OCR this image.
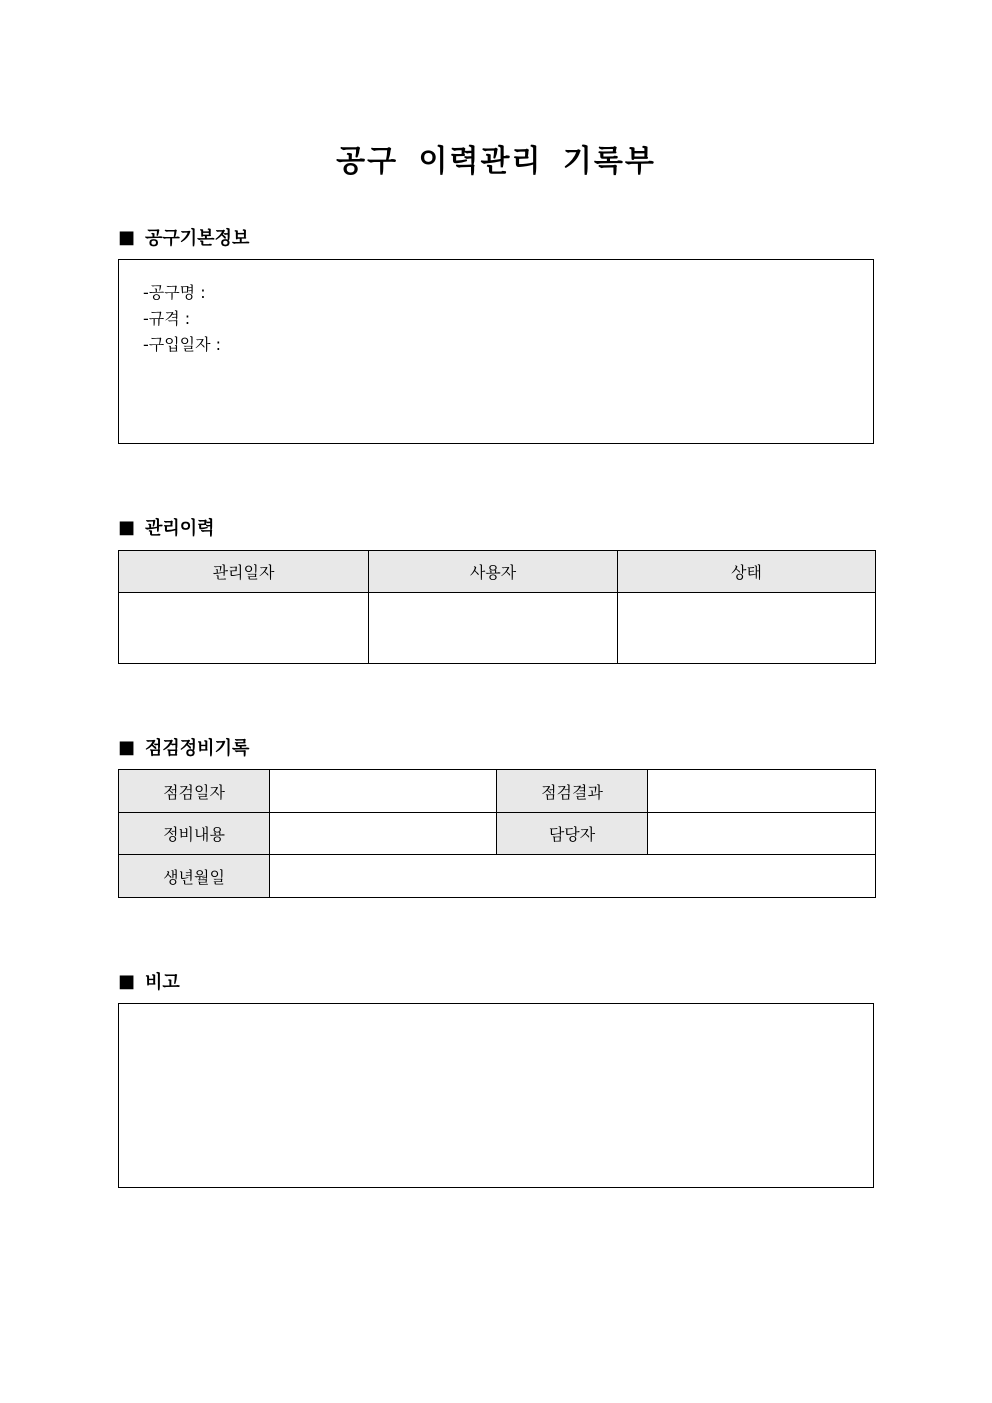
공구 이력관리 기록부
■ 공구기본정보
-공구명 :
-규격 :
-구입일자 :
■ 관리이력
관리일자	사용자	상태

■ 점검정비기록
점검일자		점검결과	
정비내용		담당자	
생년월일			
■ 비고
